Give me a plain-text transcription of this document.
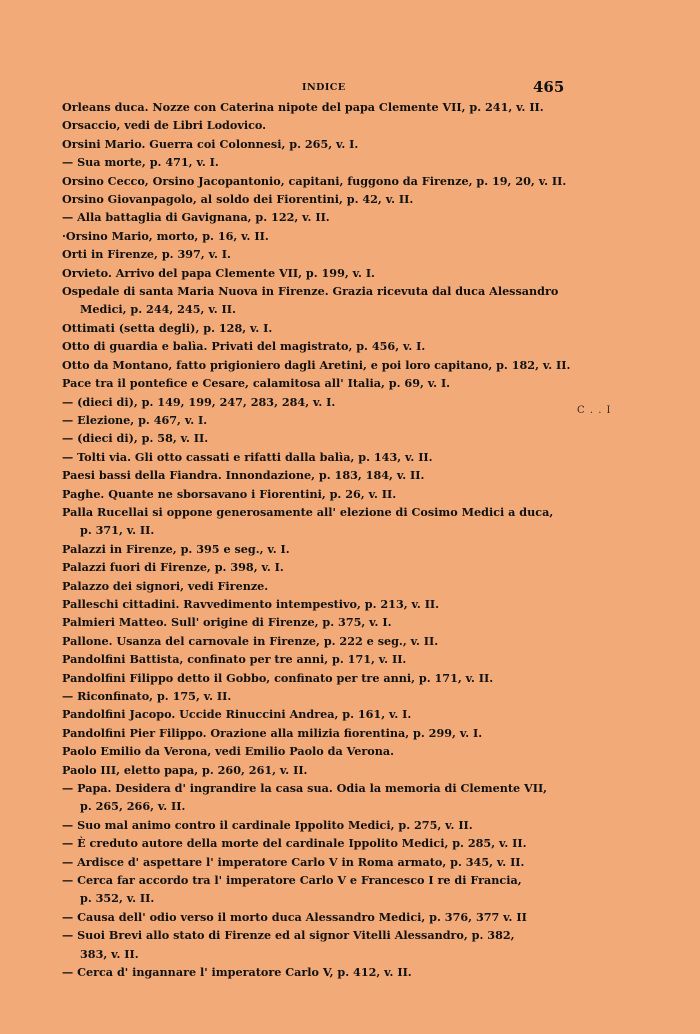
INDICE	465
Orleans duca. Nozze con Caterina nipote del papa Clemente VII, p. 241, v. II.
Orsaccio, vedi de Libri Lodovico.
Orsini Mario. Guerra coi Colonnesi, p. 265, v. I.
— Sua morte, p. 471, v. I.
Orsino Cecco, Orsino Jacopantonio, capitani, fuggono da Firenze, p. 19, 20, v. II.
Orsino Giovanpagolo, al soldo dei Fiorentini, p. 42, v. II.
— Alla battaglia di Gavignana, p. 122, v. II.
·Orsino Mario, morto, p. 16, v. II.
Orti in Firenze, p. 397, v. I.
Orvieto. Arrivo del papa Clemente VII, p. 199, v. I.
Ospedale di santa Maria Nuova in Firenze. Grazia ricevuta dal duca Alessandro
Medici, p. 244, 245, v. II.
Ottimati (setta degli), p. 128, v. I.
Otto di guardia e balìa. Privati del magistrato, p. 456, v. I.
Otto da Montano, fatto prigioniero dagli Aretini, e poi loro capitano, p. 182, v. II.
Pace tra il pontefice e Cesare, calamitosa all' Italia, p. 69, v. I.
— (dieci di), p. 149, 199, 247, 283, 284, v. I.
— Elezione, p. 467, v. I.
— (dieci di), p. 58, v. II.
— Tolti via. Gli otto cassati e rifatti dalla balìa, p. 143, v. II.
Paesi bassi della Fiandra. Innondazione, p. 183, 184, v. II.
Paghe. Quante ne sborsavano i Fiorentini, p. 26, v. II.
Palla Rucellai si oppone generosamente all' elezione di Cosimo Medici a duca,
p. 371, v. II.
Palazzi in Firenze, p. 395 e seg., v. I.
Palazzi fuori di Firenze, p. 398, v. I.
Palazzo dei signori, vedi Firenze.
Palleschi cittadini. Ravvedimento intempestivo, p. 213, v. II.
Palmieri Matteo. Sull' origine di Firenze, p. 375, v. I.
Pallone. Usanza del carnovale in Firenze, p. 222 e seg., v. II.
Pandolfini Battista, confinato per tre anni, p. 171, v. II.
Pandolfini Filippo detto il Gobbo, confinato per tre anni, p. 171, v. II.
— Riconfinato, p. 175, v. II.
Pandolfini Jacopo. Uccide Rinuccini Andrea, p. 161, v. I.
Pandolfini Pier Filippo. Orazione alla milizia fiorentina, p. 299, v. I.
Paolo Emilio da Verona, vedi Emilio Paolo da Verona.
Paolo III, eletto papa, p. 260, 261, v. II.
— Papa. Desidera d' ingrandire la casa sua. Odia la memoria di Clemente VII,
p. 265, 266, v. II.
— Suo mal animo contro il cardinale Ippolito Medici, p. 275, v. II.
— È creduto autore della morte del cardinale Ippolito Medici, p. 285, v. II.
— Ardisce d' aspettare l' imperatore Carlo V in Roma armato, p. 345, v. II.
— Cerca far accordo tra l' imperatore Carlo V e Francesco I re di Francia,
p. 352, v. II.
— Causa dell' odio verso il morto duca Alessandro Medici, p. 376, 377 v. II
— Suoi Brevi allo stato di Firenze ed al signor Vitelli Alessandro, p. 382,
383, v. II.
— Cerca d' ingannare l' imperatore Carlo V, p. 412, v. II.
C . . I
